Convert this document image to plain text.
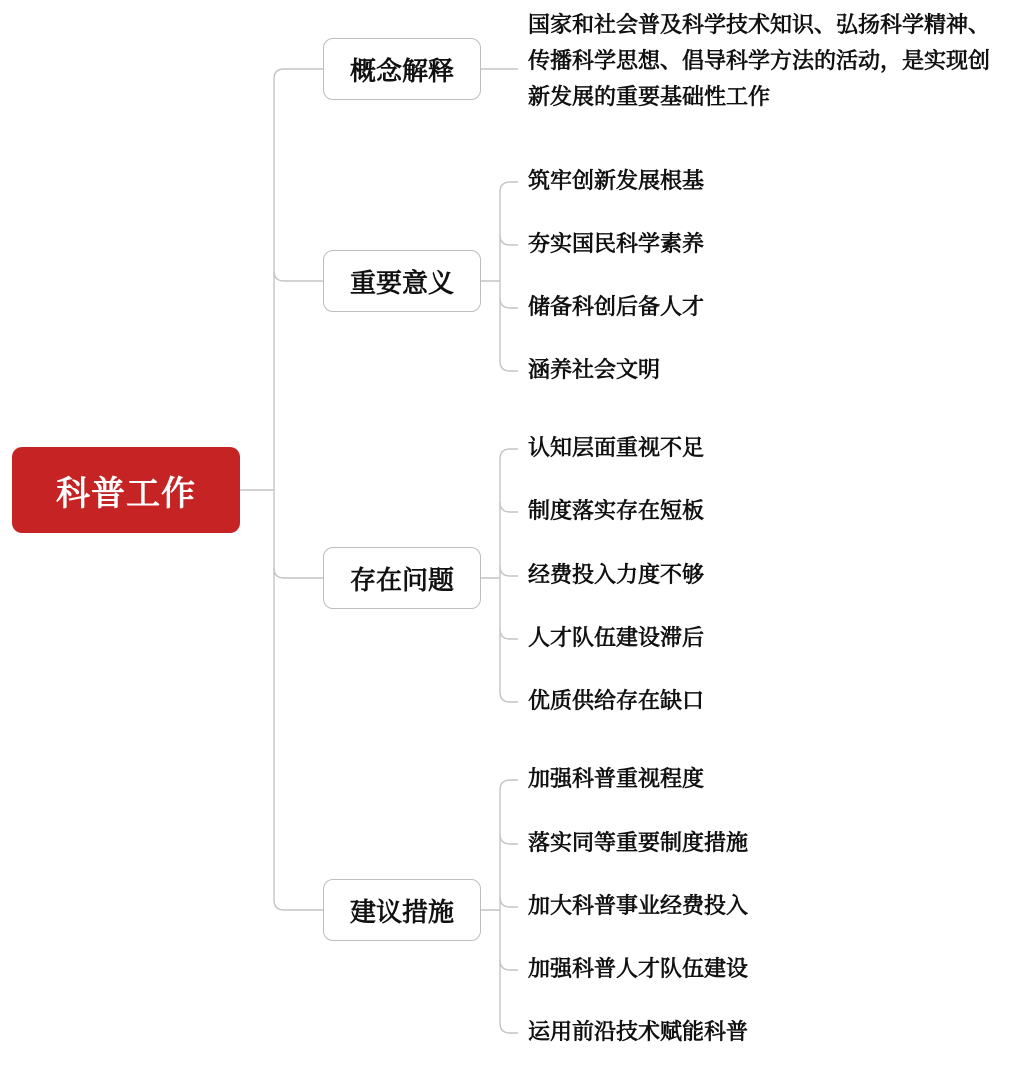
科普工作
概念解释
重要意义
存在问题
建议措施
国家和社会普及科学技术知识、弘扬科学精神、传播科学思想、倡导科学方法的活动，是实现创新发展的重要基础性工作
筑牢创新发展根基
夯实国民科学素养
储备科创后备人才
涵养社会文明
认知层面重视不足
制度落实存在短板
经费投入力度不够
人才队伍建设滞后
优质供给存在缺口
加强科普重视程度
落实同等重要制度措施
加大科普事业经费投入
加强科普人才队伍建设
运用前沿技术赋能科普
